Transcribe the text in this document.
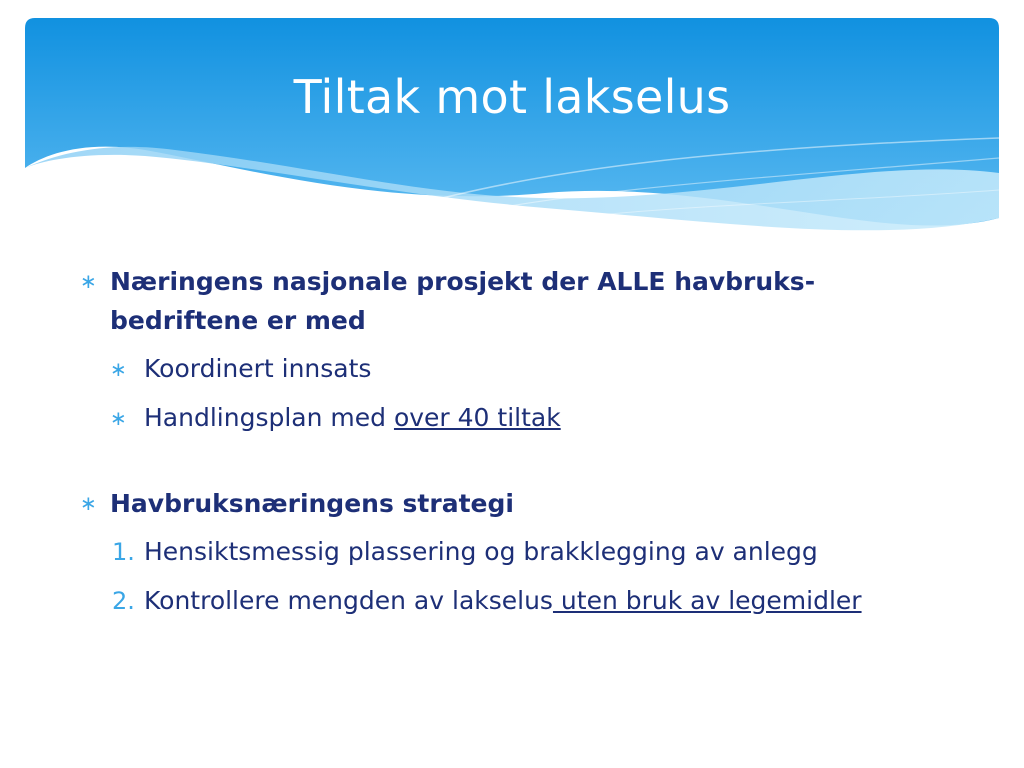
Tiltak mot lakselus
∗ Næringens nasjonale prosjekt der ALLE havbruks-bedriftene er med
∗ Koordinert innsats
∗ Handlingsplan med over 40 tiltak
∗ Havbruksnæringens strategi
1. Hensiktsmessig plassering og brakklegging av anlegg
2. Kontrollere mengden av lakselus uten bruk av legemidler
